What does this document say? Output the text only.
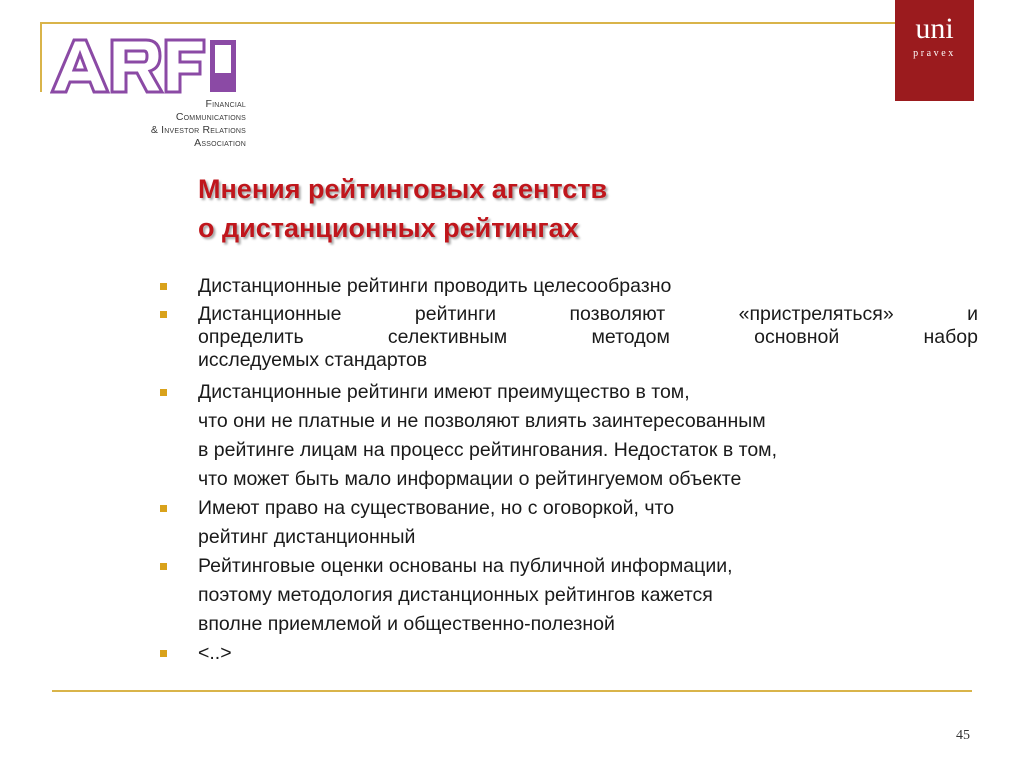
Financial
Communications
& Investor Relations
Association
uni
pravex
Мнения рейтинговых агентств
о дистанционных рейтингах
Дистанционные рейтинги проводить целесообразно
Дистанционные рейтинги позволяют «пристреляться» и
определить селективным методом основной набор
исследуемых стандартов
Дистанционные рейтинги имеют преимущество в том,
что они не платные и не позволяют влиять заинтересованным
в рейтинге лицам на процесс рейтингования. Недостаток в том,
что может быть мало информации о рейтингуемом объекте
Имеют право на существование, но с оговоркой, что
рейтинг дистанционный
Рейтинговые оценки основаны на публичной информации,
поэтому методология дистанционных рейтингов кажется
вполне приемлемой и общественно-полезной
<..>
45
